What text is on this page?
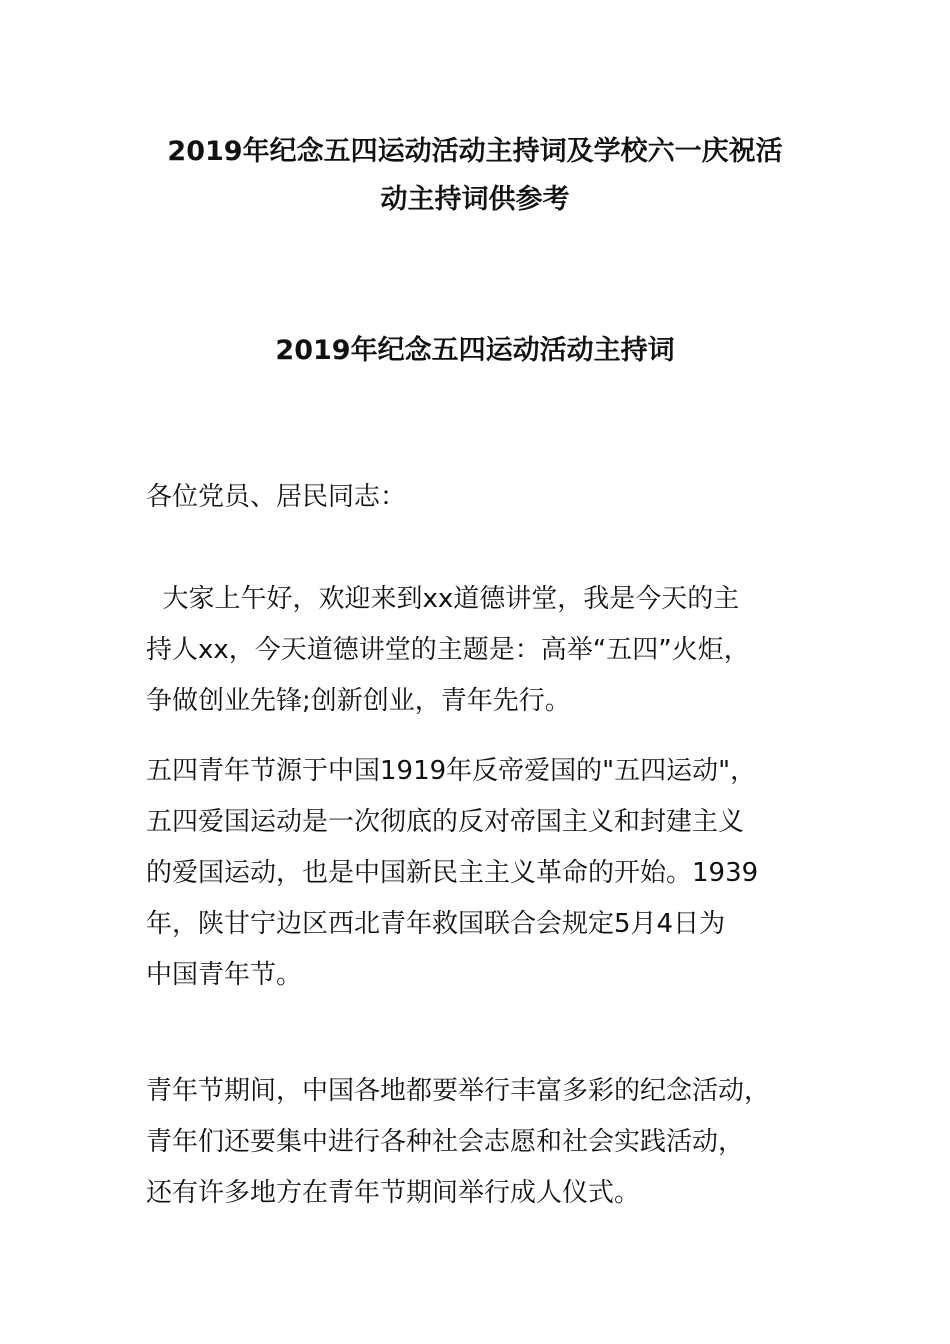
2019年纪念五四运动活动主持词及学校六一庆祝活
动主持词供参考
2019年纪念五四运动活动主持词
各位党员、居民同志：
大家上午好，欢迎来到xx道德讲堂，我是今天的主
持人xx，今天道德讲堂的主题是：高举“五四”火炬，
争做创业先锋;创新创业，青年先行。
五四青年节源于中国1919年反帝爱国的"五四运动"，
五四爱国运动是一次彻底的反对帝国主义和封建主义
的爱国运动，也是中国新民主主义革命的开始。1939
年，陕甘宁边区西北青年救国联合会规定5月4日为
中国青年节。
青年节期间，中国各地都要举行丰富多彩的纪念活动，
青年们还要集中进行各种社会志愿和社会实践活动，
还有许多地方在青年节期间举行成人仪式。
